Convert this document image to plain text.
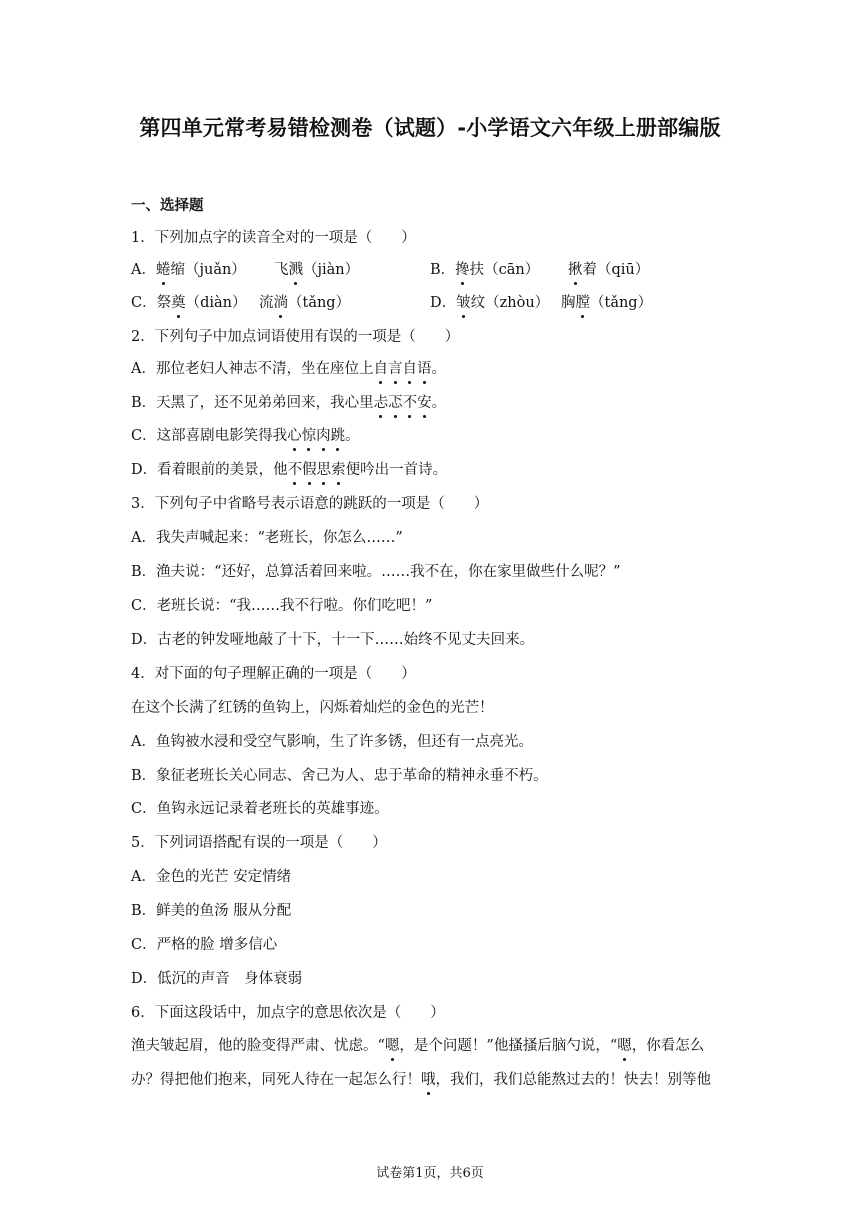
第四单元常考易错检测卷（试题）-小学语文六年级上册部编版
一、选择题
1．下列加点字的读音全对的一项是（　　）
A．蜷缩（juǎn） 飞溅（jiàn）	B．搀扶（cān） 揪着（qiū）
C．祭奠（diàn） 流淌（tǎng）	D．皱纹（zhòu） 胸膛（tǎng）
2．下列句子中加点词语使用有误的一项是（　　）
A．那位老妇人神志不清，坐在座位上自言自语。
B．天黑了，还不见弟弟回来，我心里忐忑不安。
C．这部喜剧电影笑得我心惊肉跳。
D．看着眼前的美景，他不假思索便吟出一首诗。
3．下列句子中省略号表示语意的跳跃的一项是（　　）
A．我失声喊起来：“老班长，你怎么……”
B．渔夫说：“还好，总算活着回来啦。……我不在，你在家里做些什么呢？”
C．老班长说：“我……我不行啦。你们吃吧！”
D．古老的钟发哑地敲了十下，十一下……始终不见丈夫回来。
4．对下面的句子理解正确的一项是（　　）
在这个长满了红锈的鱼钩上，闪烁着灿烂的金色的光芒！
A．鱼钩被水浸和受空气影响，生了许多锈，但还有一点亮光。
B．象征老班长关心同志、舍己为人、忠于革命的精神永垂不朽。
C．鱼钩永远记录着老班长的英雄事迹。
5．下列词语搭配有误的一项是（　　）
A．金色的光芒 安定情绪
B．鲜美的鱼汤 服从分配
C．严格的脸 增多信心
D．低沉的声音　身体衰弱
6．下面这段话中，加点字的意思依次是（　　）
渔夫皱起眉，他的脸变得严肃、忧虑。“嗯，是个问题！”他搔搔后脑勺说，“嗯，你看怎么
办？得把他们抱来，同死人待在一起怎么行！哦，我们，我们总能熬过去的！快去！别等他
试卷第1页，共6页
